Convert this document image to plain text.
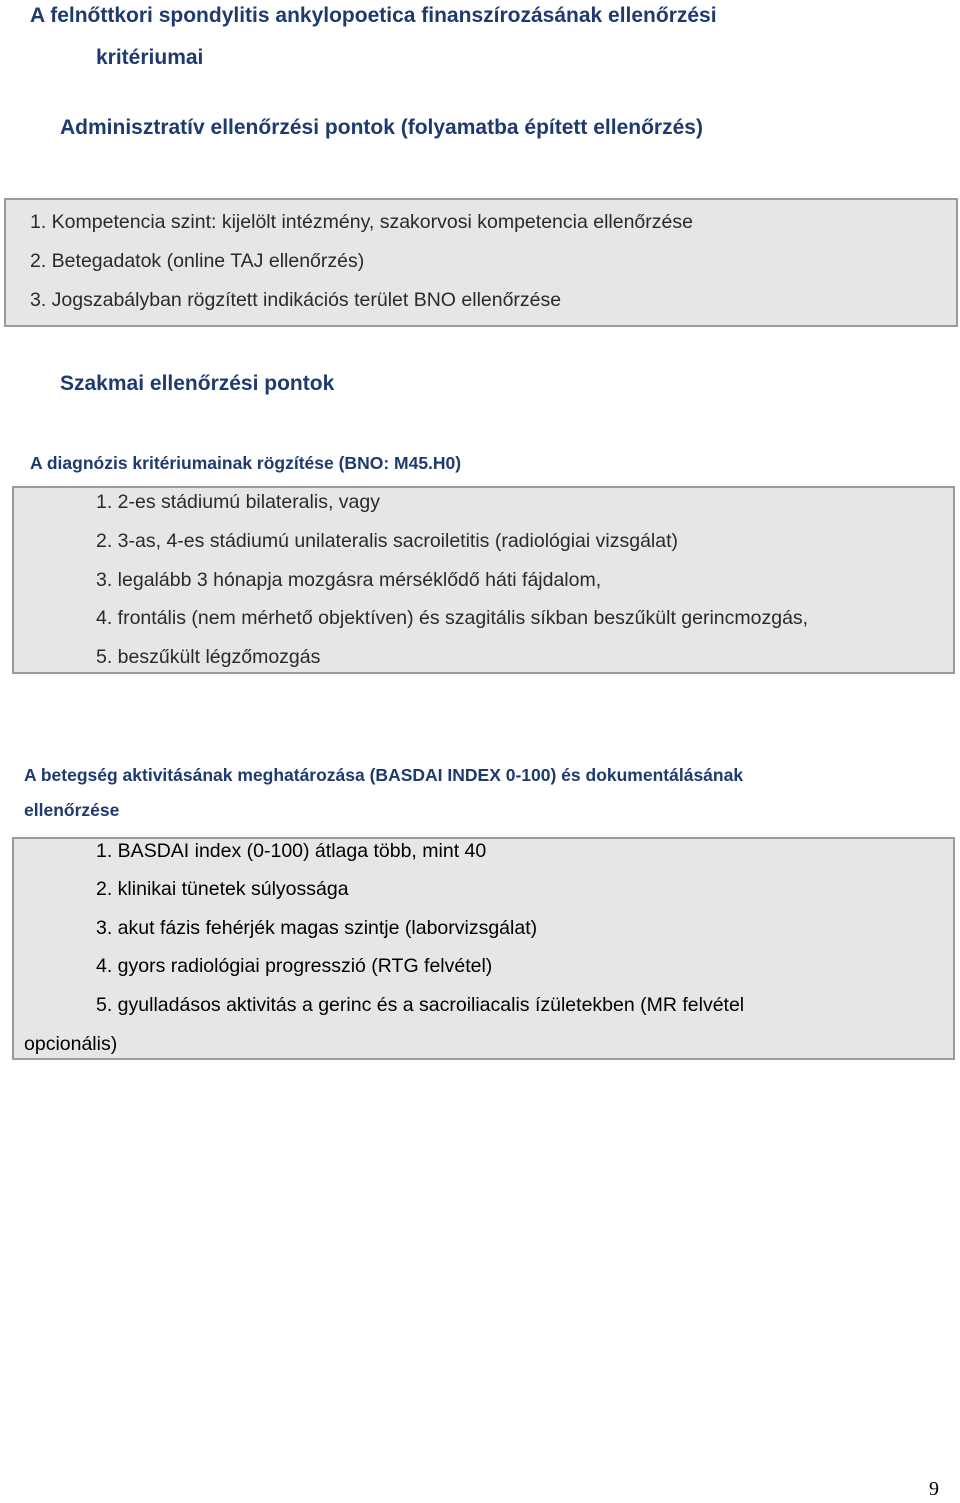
A felnőttkori spondylitis ankylopoetica finanszírozásának ellenőrzési
kritériumai
Adminisztratív ellenőrzési pontok (folyamatba épített ellenőrzés)
1. Kompetencia szint: kijelölt intézmény, szakorvosi kompetencia ellenőrzése
2. Betegadatok (online TAJ ellenőrzés)
3. Jogszabályban rögzített indikációs terület BNO ellenőrzése
Szakmai ellenőrzési pontok
A diagnózis kritériumainak rögzítése (BNO: M45.H0)
1. 2-es stádiumú bilateralis, vagy
2. 3-as, 4-es stádiumú unilateralis sacroiletitis (radiológiai vizsgálat)
3. legalább 3 hónapja mozgásra mérséklődő háti fájdalom,
4. frontális (nem mérhető objektíven) és szagitális síkban beszűkült gerincmozgás,
5. beszűkült légzőmozgás
A betegség aktivitásának meghatározása (BASDAI INDEX 0-100) és dokumentálásának
ellenőrzése
1. BASDAI index (0-100) átlaga több, mint 40
2. klinikai tünetek súlyossága
3. akut fázis fehérjék magas szintje (laborvizsgálat)
4. gyors radiológiai progresszió (RTG felvétel)
5. gyulladásos aktivitás a gerinc és a sacroiliacalis ízületekben (MR felvétel
opcionális)
9
